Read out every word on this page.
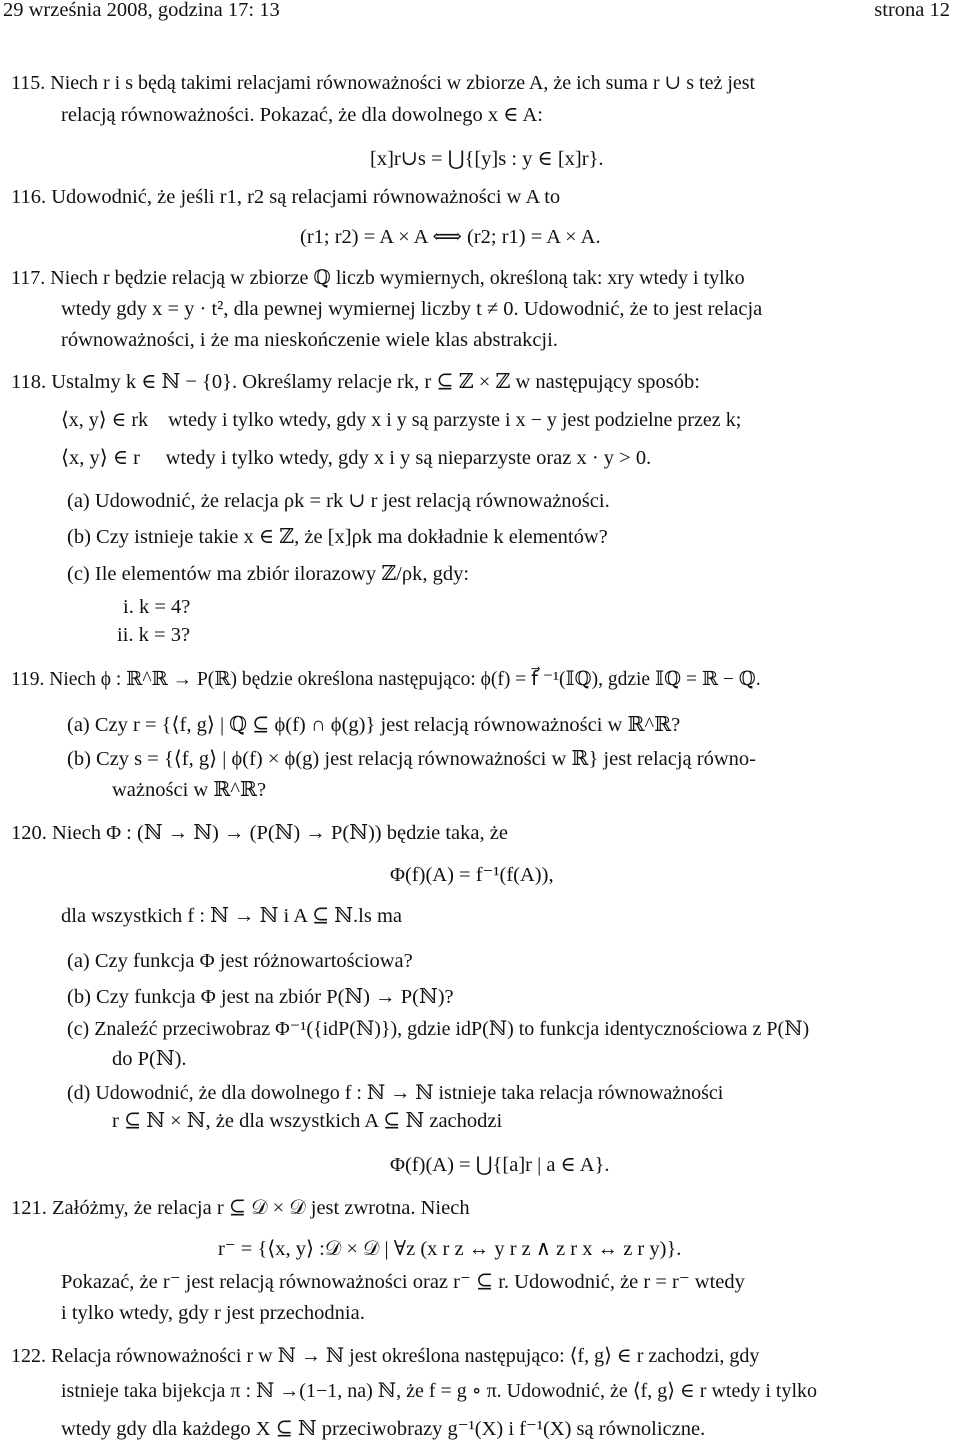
29 września 2008, godzina 17: 13	strona 12
115. Niech r i s będą takimi relacjami równoważności w zbiorze A, że ich suma r ∪ s też jest
relacją równoważności. Pokazać, że dla dowolnego x ∈ A:
[x]r∪s = ⋃{[y]s : y ∈ [x]r}.
116. Udowodnić, że jeśli r1, r2 są relacjami równoważności w A to
(r1; r2) = A × A ⟺ (r2; r1) = A × A.
117. Niech r będzie relacją w zbiorze ℚ liczb wymiernych, określoną tak: xry wtedy i tylko
wtedy gdy x = y · t², dla pewnej wymiernej liczby t ≠ 0. Udowodnić, że to jest relacja
równoważności, i że ma nieskończenie wiele klas abstrakcji.
118. Ustalmy k ∈ ℕ − {0}. Określamy relacje rk, r ⊆ ℤ × ℤ w następujący sposób:
⟨x, y⟩ ∈ rk    wtedy i tylko wtedy, gdy x i y są parzyste i x − y jest podzielne przez k;
⟨x, y⟩ ∈ r     wtedy i tylko wtedy, gdy x i y są nieparzyste oraz x · y > 0.
(a) Udowodnić, że relacja ρk = rk ∪ r jest relacją równoważności.
(b) Czy istnieje takie x ∈ ℤ, że [x]ρk ma dokładnie k elementów?
(c) Ile elementów ma zbiór ilorazowy ℤ/ρk, gdy:
i. k = 4?
ii. k = 3?
119. Niech ϕ : ℝ^ℝ → P(ℝ) będzie określona następująco: ϕ(f) = f⃗ ⁻¹(𝕀ℚ), gdzie 𝕀ℚ = ℝ − ℚ.
(a) Czy r = {⟨f, g⟩ | ℚ ⊆ ϕ(f) ∩ ϕ(g)} jest relacją równoważności w ℝ^ℝ?
(b) Czy s = {⟨f, g⟩ | ϕ(f) × ϕ(g) jest relacją równoważności w ℝ} jest relacją równo-
ważności w ℝ^ℝ?
120. Niech Φ : (ℕ → ℕ) → (P(ℕ) → P(ℕ)) będzie taka, że
Φ(f)(A) = f⁻¹(f(A)),
dla wszystkich f : ℕ → ℕ i A ⊆ ℕ.ls ma
(a) Czy funkcja Φ jest różnowartościowa?
(b) Czy funkcja Φ jest na zbiór P(ℕ) → P(ℕ)?
(c) Znaleźć przeciwobraz Φ⁻¹({idP(ℕ)}), gdzie idP(ℕ) to funkcja identycznościowa z P(ℕ)
do P(ℕ).
(d) Udowodnić, że dla dowolnego f : ℕ → ℕ istnieje taka relacja równoważności
r ⊆ ℕ × ℕ, że dla wszystkich A ⊆ ℕ zachodzi
Φ(f)(A) = ⋃{[a]r | a ∈ A}.
121. Załóżmy, że relacja r ⊆ 𝒟 × 𝒟 jest zwrotna. Niech
r⁻ = {⟨x, y⟩ :𝒟 × 𝒟 | ∀z (x r z ↔ y r z ∧ z r x ↔ z r y)}.
Pokazać, że r⁻ jest relacją równoważności oraz r⁻ ⊆ r. Udowodnić, że r = r⁻ wtedy
i tylko wtedy, gdy r jest przechodnia.
122. Relacja równoważności r w ℕ → ℕ jest określona następująco: ⟨f, g⟩ ∈ r zachodzi, gdy
istnieje taka bijekcja π : ℕ →(1−1, na) ℕ, że f = g ∘ π. Udowodnić, że ⟨f, g⟩ ∈ r wtedy i tylko
wtedy gdy dla każdego X ⊆ ℕ przeciwobrazy g⁻¹(X) i f⁻¹(X) są równoliczne.
